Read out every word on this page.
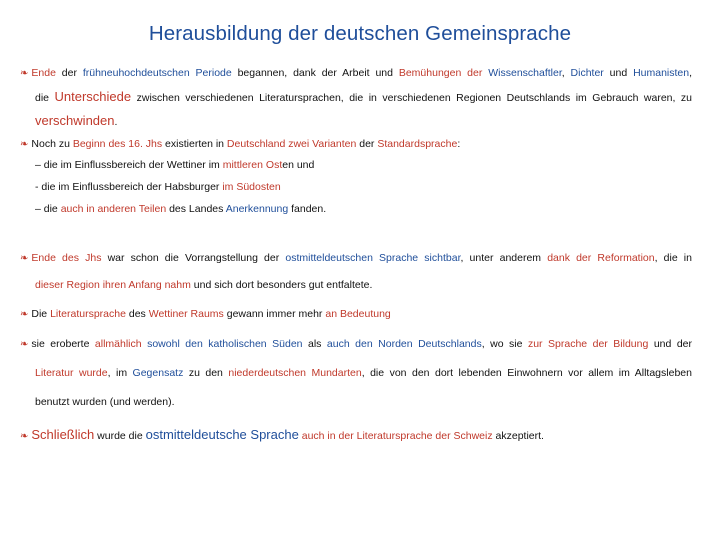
Herausbildung der deutschen Gemeinsprache
❧ Ende der frühneuhochdeutschen Periode begannen, dank der Arbeit und Bemühungen der Wissenschaftler, Dichter und Humanisten,
die Unterschiede zwischen verschiedenen Literatursprachen, die in verschiedenen Regionen Deutschlands im Gebrauch waren, zu
verschwinden.
❧ Noch zu Beginn des 16. Jhs existierten in Deutschland zwei Varianten der Standardsprache:
– die im Einflussbereich der Wettiner im mittleren Osten und
- die im Einflussbereich der Habsburger im Südosten
– die auch in anderen Teilen des Landes Anerkennung fanden.
❧ Ende des Jhs war schon die Vorrangstellung der ostmitteldeutschen Sprache sichtbar, unter anderem dank der Reformation, die in
dieser Region ihren Anfang nahm und sich dort besonders gut entfaltete.
❧ Die Literatursprache des Wettiner Raums gewann immer mehr an Bedeutung
❧ sie eroberte allmählich sowohl den katholischen Süden als auch den Norden Deutschlands, wo sie zur Sprache der Bildung und der
Literatur wurde, im Gegensatz zu den niederdeutschen Mundarten, die von den dort lebenden Einwohnern vor allem im Alltagsleben
benutzt wurden (und werden).
❧ Schließlich wurde die ostmitteldeutsche Sprache auch in der Literatursprache der Schweiz akzeptiert.
